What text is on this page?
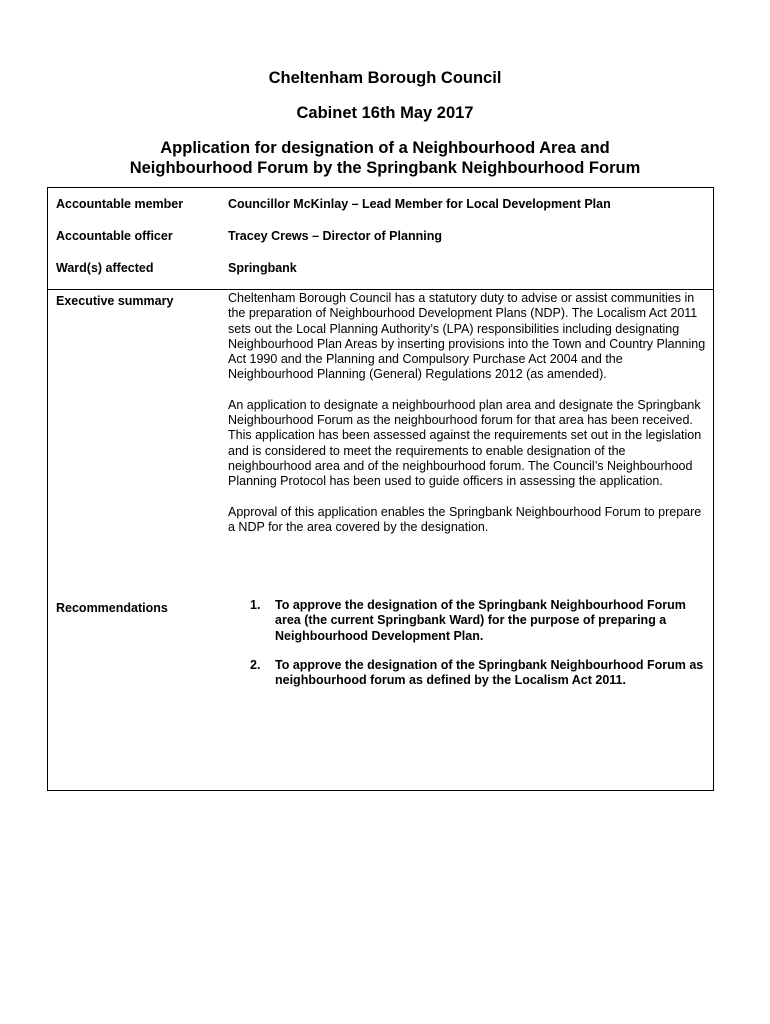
Cheltenham Borough Council
Cabinet 16th May 2017
Application for designation of a Neighbourhood Area and
Neighbourhood Forum by the Springbank Neighbourhood Forum
Accountable member	Councillor McKinlay – Lead Member for Local Development Plan
Accountable officer	Tracey Crews – Director of Planning
Ward(s) affected	Springbank
Executive summary	Cheltenham Borough Council has a statutory duty to advise or assist communities in the preparation of Neighbourhood Development Plans (NDP). The Localism Act 2011 sets out the Local Planning Authority’s (LPA) responsibilities including designating Neighbourhood Plan Areas by inserting provisions into the Town and Country Planning Act 1990 and the Planning and Compulsory Purchase Act 2004 and the Neighbourhood Planning (General) Regulations 2012 (as amended).

An application to designate a neighbourhood plan area and designate the Springbank Neighbourhood Forum as the neighbourhood forum for that area has been received. This application has been assessed against the requirements set out in the legislation and is considered to meet the requirements to enable designation of the neighbourhood area and of the neighbourhood forum. The Council’s Neighbourhood Planning Protocol has been used to guide officers in assessing the application.

Approval of this application enables the Springbank Neighbourhood Forum to prepare a NDP for the area covered by the designation.

Recommendations	1. To approve the designation of the Springbank Neighbourhood Forum area (the current Springbank Ward) for the purpose of preparing a Neighbourhood Development Plan.
2. To approve the designation of the Springbank Neighbourhood Forum as neighbourhood forum as defined by the Localism Act 2011.
